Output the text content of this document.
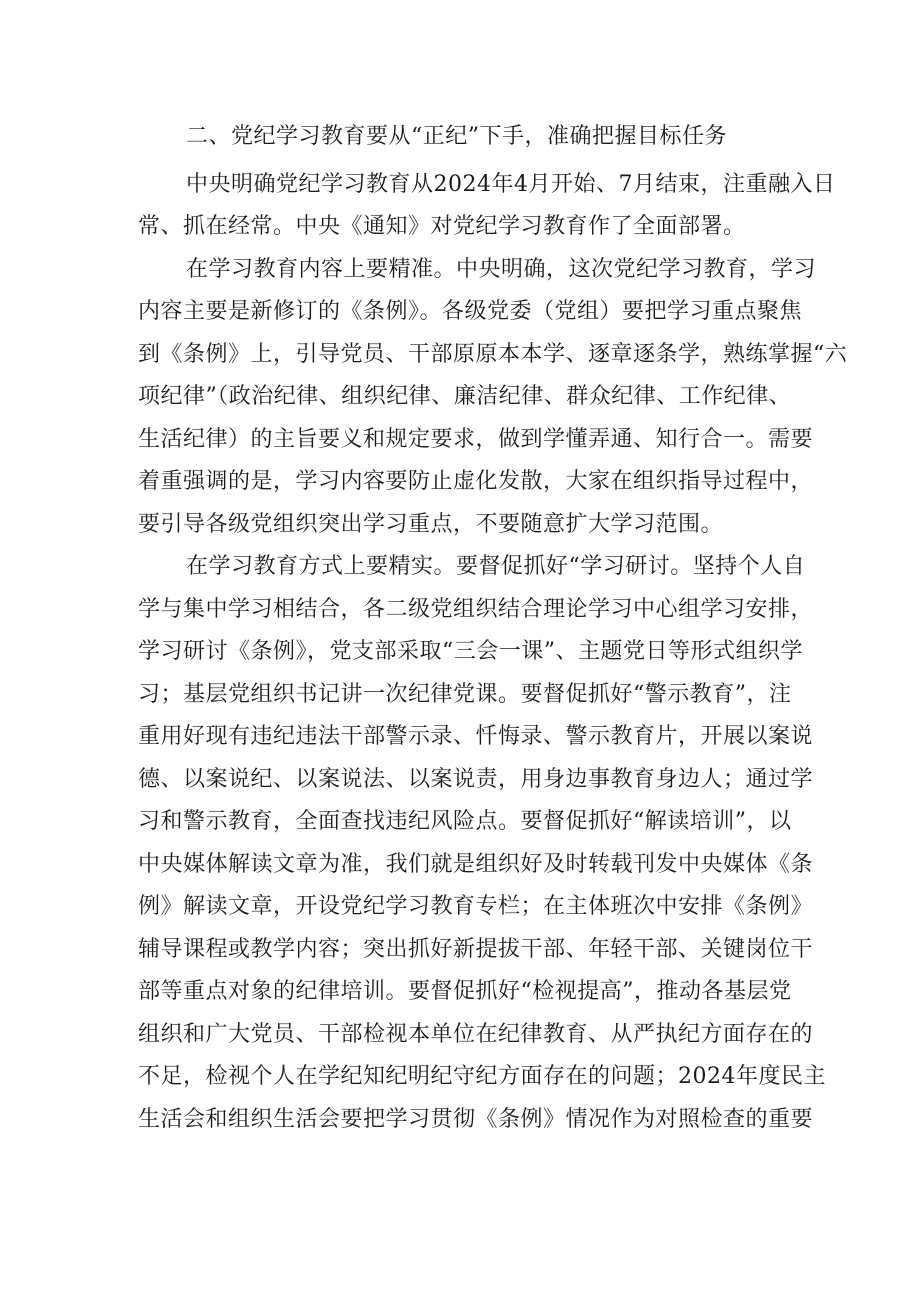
二、党纪学习教育要从“正纪”下手，准确把握目标任务
中央明确党纪学习教育从2024年4月开始、7月结束，注重融入日
常、抓在经常。中央《通知》对党纪学习教育作了全面部署。
在学习教育内容上要精准。中央明确，这次党纪学习教育，学习
内容主要是新修订的《条例》。各级党委（党组）要把学习重点聚焦
到《条例》上，引导党员、干部原原本本学、逐章逐条学，熟练掌握“六
项纪律”（政治纪律、组织纪律、廉洁纪律、群众纪律、工作纪律、
生活纪律）的主旨要义和规定要求，做到学懂弄通、知行合一。需要
着重强调的是，学习内容要防止虚化发散，大家在组织指导过程中，
要引导各级党组织突出学习重点，不要随意扩大学习范围。
在学习教育方式上要精实。要督促抓好“学习研讨。坚持个人自
学与集中学习相结合，各二级党组织结合理论学习中心组学习安排，
学习研讨《条例》，党支部采取“三会一课”、主题党日等形式组织学
习；基层党组织书记讲一次纪律党课。要督促抓好“警示教育”，注
重用好现有违纪违法干部警示录、忏悔录、警示教育片，开展以案说
德、以案说纪、以案说法、以案说责，用身边事教育身边人；通过学
习和警示教育，全面查找违纪风险点。要督促抓好“解读培训”，以
中央媒体解读文章为准，我们就是组织好及时转载刊发中央媒体《条
例》解读文章，开设党纪学习教育专栏；在主体班次中安排《条例》
辅导课程或教学内容；突出抓好新提拔干部、年轻干部、关键岗位干
部等重点对象的纪律培训。要督促抓好“检视提高”，推动各基层党
组织和广大党员、干部检视本单位在纪律教育、从严执纪方面存在的
不足，检视个人在学纪知纪明纪守纪方面存在的问题；2024年度民主
生活会和组织生活会要把学习贯彻《条例》情况作为对照检查的重要
